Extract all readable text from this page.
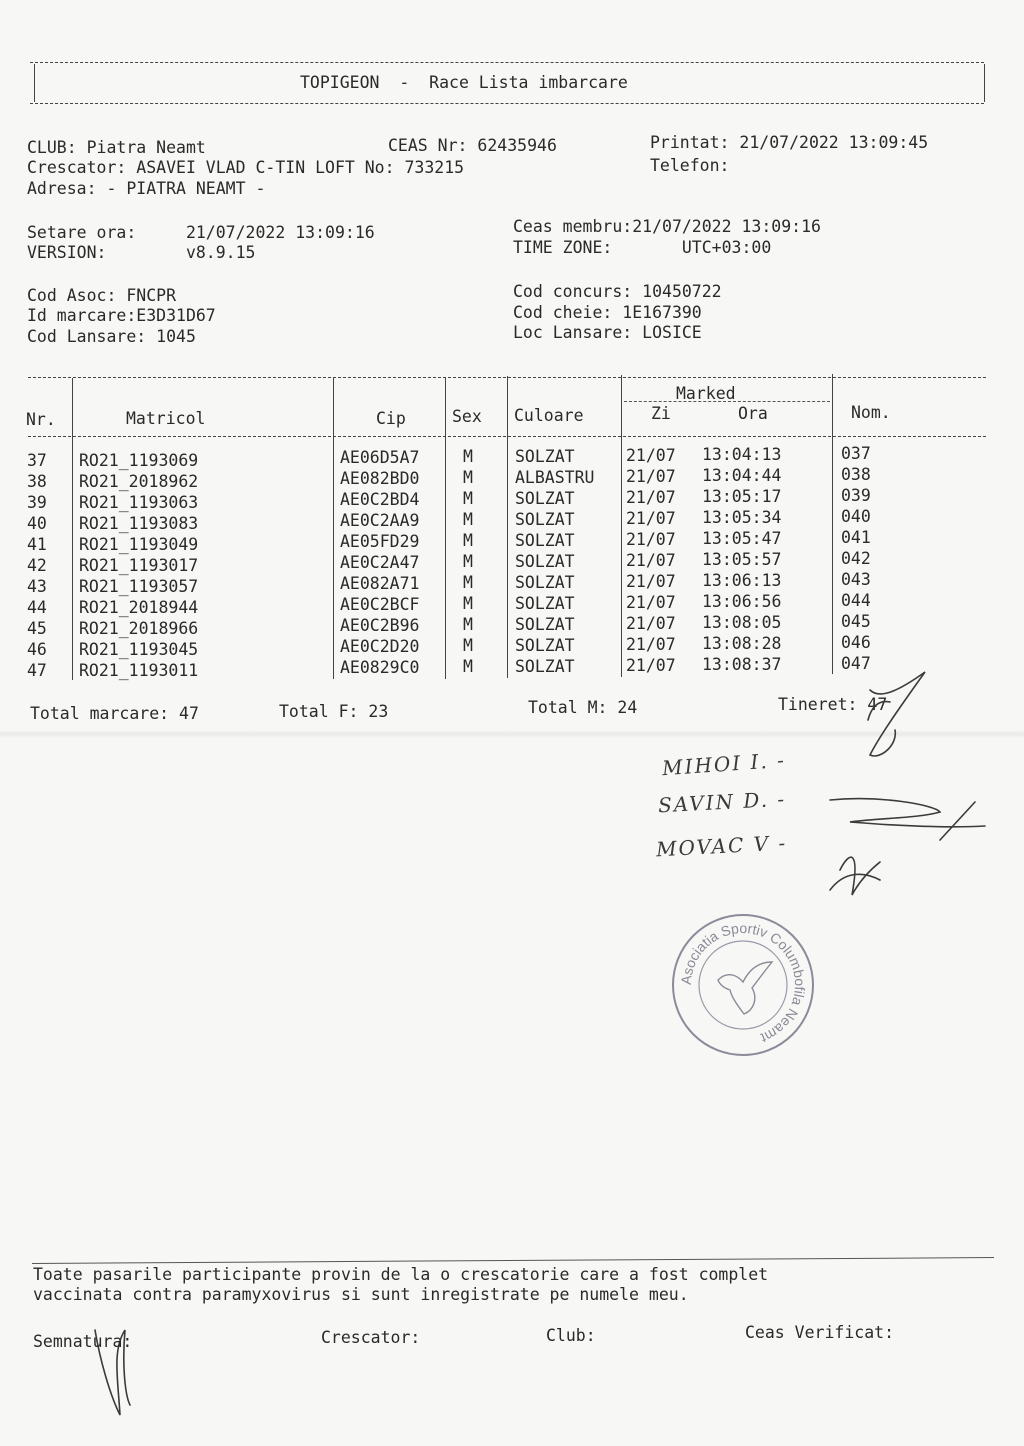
TOPIGEON  -  Race Lista imbarcare
CLUB: Piatra Neamt	CEAS Nr: 62435946	Printat: 21/07/2022 13:09:45
Crescator: ASAVEI VLAD C-TIN LOFT No: 733215	Telefon:
Adresa: - PIATRA NEAMT -
Setare ora:     21/07/2022 13:09:16
VERSION:        v8.9.15
Ceas membru:21/07/2022 13:09:16
TIME ZONE:       UTC+03:00
Cod Asoc: FNCPR
Id marcare:E3D31D67
Cod Lansare: 1045
Cod concurs: 10450722
Cod cheie: 1E167390
Loc Lansare: LOSICE
Nr.	Matricol	Cip	Sex Culoare
Marked
Zi	Ora	Nom.
37 RO21_1193069	AE06D5A7	M	SOLZAT	21/07 13:04:13	037
38 RO21_2018962	AE082BD0	M	ALBASTRU 21/07 13:04:44	038
39 RO21_1193063	AE0C2BD4	M	SOLZAT	21/07 13:05:17	039
40 RO21_1193083	AE0C2AA9	M	SOLZAT	21/07 13:05:34	040
41 RO21_1193049	AE05FD29	M	SOLZAT	21/07 13:05:47	041
42 RO21_1193017	AE0C2A47	M	SOLZAT	21/07 13:05:57	042
43 RO21_1193057	AE082A71	M	SOLZAT	21/07 13:06:13	043
44 RO21_2018944	AE0C2BCF	M	SOLZAT	21/07 13:06:56	044
45 RO21_2018966	AE0C2B96	M	SOLZAT	21/07 13:08:05	045
46 RO21_1193045	AE0C2D20	M	SOLZAT	21/07 13:08:28	046
47 RO21_1193011	AE0829C0	M	SOLZAT	21/07 13:08:37	047
Total marcare: 47	Total F: 23	Total M: 24	Tineret: 47
MIHOI I. -
SAVIN D. -
MOVAC V -
Asociatia Sportiv Columbofila Neamt
Toate pasarile participante provin de la o crescatorie care a fost complet
vaccinata contra paramyxovirus si sunt inregistrate pe numele meu.
Semnatura:	Crescator:	Club:	Ceas Verificat:
